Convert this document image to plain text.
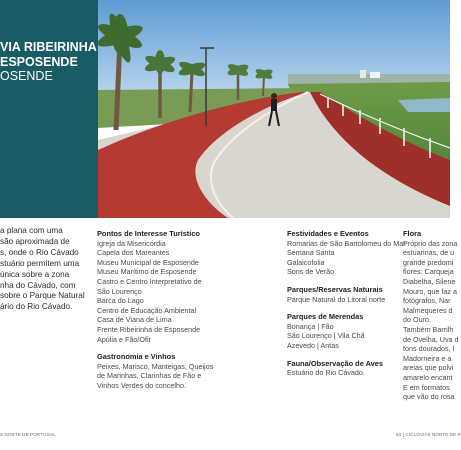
VIA RIBEIRINHA
ESPOSENDE
OSENDE
a plana com uma
são aproximada de
s, onde o Rio Cávado
stuário permitem uma
única sobre a zona
nha do Cávado, com
sobre o Parque Natural
ário do Rio Cávado.
Pontos de Interesse Turístico
Igreja da Misericórdia
Capela dos Mareantes
Museu Municipal de Esposende
Museu Marítimo de Esposende
Castro e Centro Interpretativo de
São Lourenço
Barca do Lago
Centro de Educação Ambiental
Casa de Viana de Lima
Frente Ribeirinha de Esposende
Apúlia e Fão/Ofir
Gastronomia e Vinhos
Peixes, Marisco, Manteigas, Queijos
de Marinhas, Clarinhas de Fão e
Vinhos Verdes do concelho.
Festividades e Eventos
Romarias de São Bartolomeu do Mar
Semana Santa
Galaicofolia
Sons de Verão
Parques/Reservas Naturais
Parque Natural do Litoral norte
Parques de Merendas
Bonança | Fão
São Lourenço | Vila Chã
Azevedo | Antas
Fauna/Observação de Aves
Estuário do Rio Cávado.
Flora
Próprio das zona
estuarinas, de u
grande predomi
flores: Carqueja
Diabelha, Silene
Mouro, que faz a
fotógrafos, Nar
Malmequeres d
do Ouro.
Também Barrilh
de Ovelha, Uva d
tons dourados, l
Madorneira e a
areias que polvi
amarelo encant
E em formatos
que vão do rosa
S NORTE DE PORTUGAL	63 | CICLOVIAS NORTE DE P
